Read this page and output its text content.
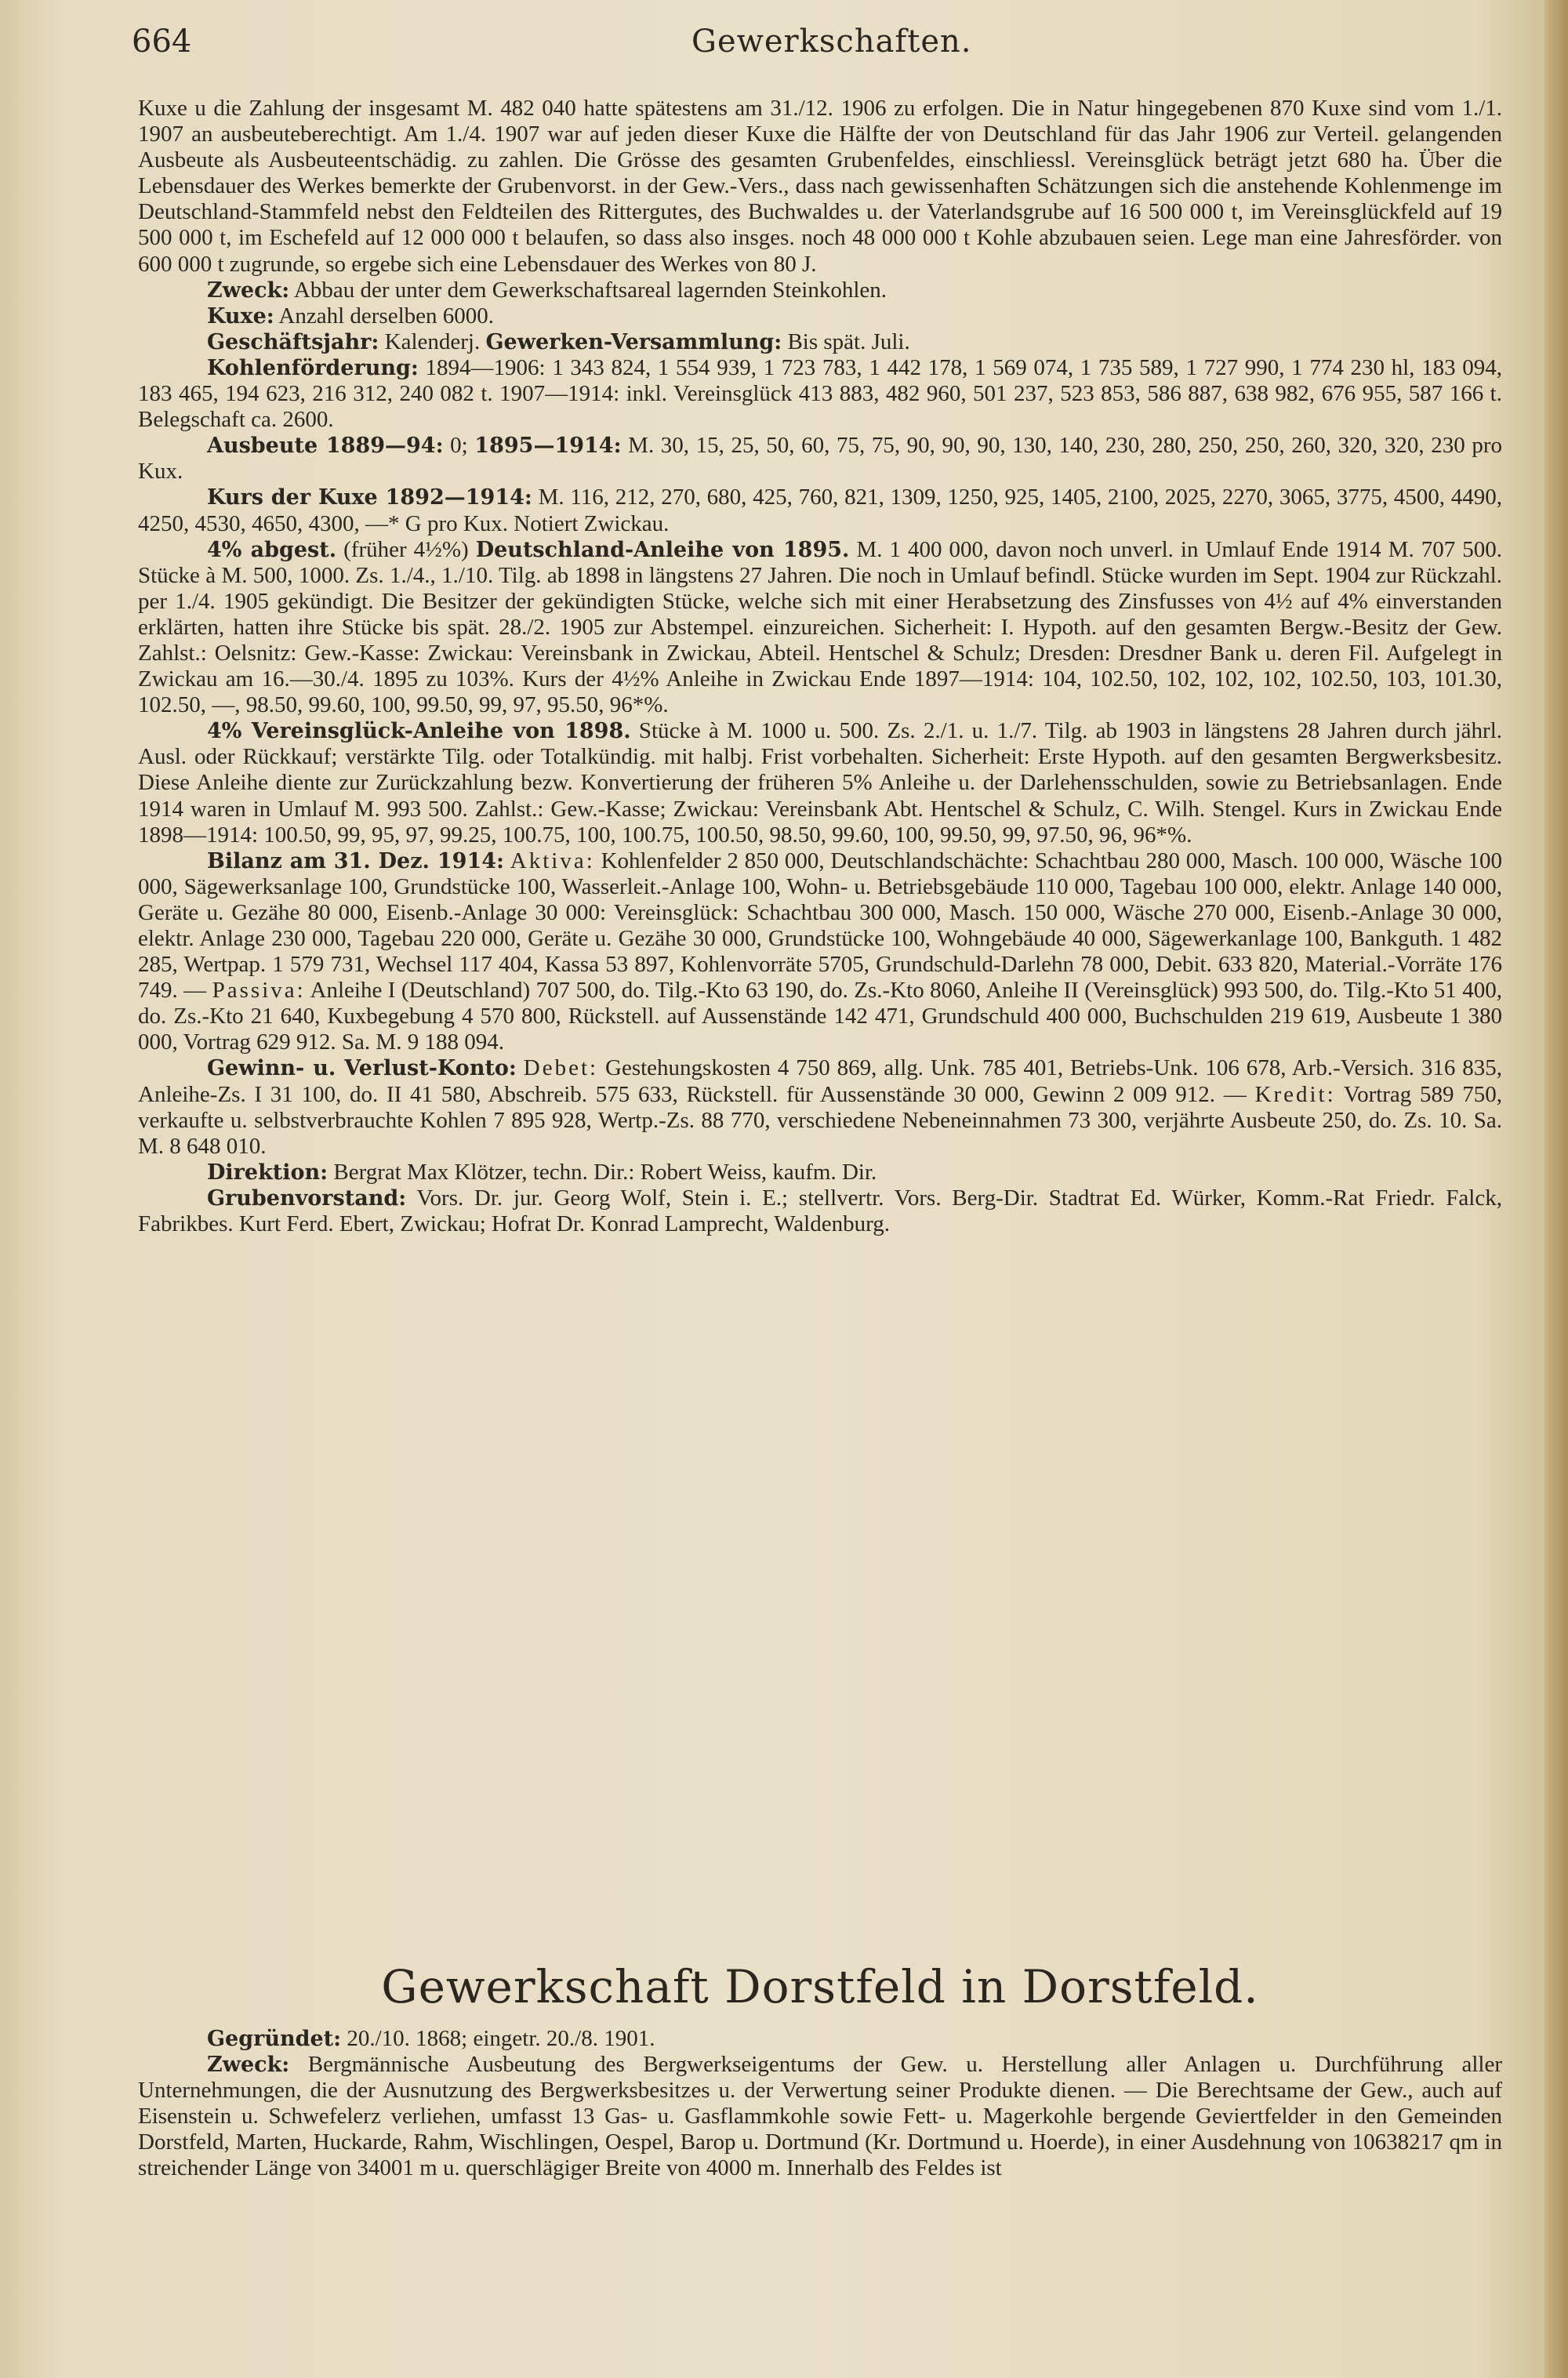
664	Gewerkschaften.

Kuxe u die Zahlung der insgesamt M. 482 040 hatte spätestens am 31./12. 1906 zu erfolgen. Die in Natur hingegebenen 870 Kuxe sind vom 1./1. 1907 an ausbeuteberechtigt. Am 1./4. 1907 war auf jeden dieser Kuxe die Hälfte der von Deutschland für das Jahr 1906 zur Verteil. gelangenden Ausbeute als Ausbeuteentschädig. zu zahlen. Die Grösse des gesamten Grubenfeldes, einschliessl. Vereinsglück beträgt jetzt 680 ha. Über die Lebensdauer des Werkes bemerkte der Grubenvorst. in der Gew.-Vers., dass nach gewissenhaften Schätzungen sich die anstehende Kohlenmenge im Deutschland-Stammfeld nebst den Feldteilen des Rittergutes, des Buchwaldes u. der Vaterlandsgrube auf 16 500 000 t, im Vereinsglückfeld auf 19 500 000 t, im Eschefeld auf 12 000 000 t belaufen, so dass also insges. noch 48 000 000 t Kohle abzubauen seien. Lege man eine Jahresförder. von 600 000 t zugrunde, so ergebe sich eine Lebensdauer des Werkes von 80 J.

Zweck: Abbau der unter dem Gewerkschaftsareal lagernden Steinkohlen.

Kuxe: Anzahl derselben 6000.

Geschäftsjahr: Kalenderj. Gewerken-Versammlung: Bis spät. Juli.

Kohlenförderung: 1894—1906: 1 343 824, 1 554 939, 1 723 783, 1 442 178, 1 569 074, 1 735 589, 1 727 990, 1 774 230 hl, 183 094, 183 465, 194 623, 216 312, 240 082 t. 1907—1914: inkl. Vereinsglück 413 883, 482 960, 501 237, 523 853, 586 887, 638 982, 676 955, 587 166 t. Belegschaft ca. 2600.

Ausbeute 1889—94: 0; 1895—1914: M. 30, 15, 25, 50, 60, 75, 75, 90, 90, 90, 130, 140, 230, 280, 250, 250, 260, 320, 320, 230 pro Kux.

Kurs der Kuxe 1892—1914: M. 116, 212, 270, 680, 425, 760, 821, 1309, 1250, 925, 1405, 2100, 2025, 2270, 3065, 3775, 4500, 4490, 4250, 4530, 4650, 4300, —* G pro Kux. Notiert Zwickau.

4% abgest. (früher 4½%) Deutschland-Anleihe von 1895. M. 1 400 000, davon noch unverl. in Umlauf Ende 1914 M. 707 500. Stücke à M. 500, 1000. Zs. 1./4., 1./10. Tilg. ab 1898 in längstens 27 Jahren. Die noch in Umlauf befindl. Stücke wurden im Sept. 1904 zur Rückzahl. per 1./4. 1905 gekündigt. Die Besitzer der gekündigten Stücke, welche sich mit einer Herabsetzung des Zinsfusses von 4½ auf 4% einverstanden erklärten, hatten ihre Stücke bis spät. 28./2. 1905 zur Abstempel. einzureichen. Sicherheit: I. Hypoth. auf den gesamten Bergw.-Besitz der Gew. Zahlst.: Oelsnitz: Gew.-Kasse: Zwickau: Vereinsbank in Zwickau, Abteil. Hentschel & Schulz; Dresden: Dresdner Bank u. deren Fil. Aufgelegt in Zwickau am 16.—30./4. 1895 zu 103%. Kurs der 4½% Anleihe in Zwickau Ende 1897—1914: 104, 102.50, 102, 102, 102, 102.50, 103, 101.30, 102.50, —, 98.50, 99.60, 100, 99.50, 99, 97, 95.50, 96*%.

4% Vereinsglück-Anleihe von 1898. Stücke à M. 1000 u. 500. Zs. 2./1. u. 1./7. Tilg. ab 1903 in längstens 28 Jahren durch jährl. Ausl. oder Rückkauf; verstärkte Tilg. oder Totalkündig. mit halbj. Frist vorbehalten. Sicherheit: Erste Hypoth. auf den gesamten Bergwerksbesitz. Diese Anleihe diente zur Zurückzahlung bezw. Konvertierung der früheren 5% Anleihe u. der Darlehensschulden, sowie zu Betriebsanlagen. Ende 1914 waren in Umlauf M. 993 500. Zahlst.: Gew.-Kasse; Zwickau: Vereinsbank Abt. Hentschel & Schulz, C. Wilh. Stengel. Kurs in Zwickau Ende 1898—1914: 100.50, 99, 95, 97, 99.25, 100.75, 100, 100.75, 100.50, 98.50, 99.60, 100, 99.50, 99, 97.50, 96, 96*%.

Bilanz am 31. Dez. 1914: Aktiva: Kohlenfelder 2 850 000, Deutschlandschächte: Schachtbau 280 000, Masch. 100 000, Wäsche 100 000, Sägewerksanlage 100, Grundstücke 100, Wasserleit.-Anlage 100, Wohn- u. Betriebsgebäude 110 000, Tagebau 100 000, elektr. Anlage 140 000, Geräte u. Gezähe 80 000, Eisenb.-Anlage 30 000: Vereinsglück: Schachtbau 300 000, Masch. 150 000, Wäsche 270 000, Eisenb.-Anlage 30 000, elektr. Anlage 230 000, Tagebau 220 000, Geräte u. Gezähe 30 000, Grundstücke 100, Wohngebäude 40 000, Sägewerkanlage 100, Bankguth. 1 482 285, Wertpap. 1 579 731, Wechsel 117 404, Kassa 53 897, Kohlenvorräte 5705, Grundschuld-Darlehn 78 000, Debit. 633 820, Material.-Vorräte 176 749. — Passiva: Anleihe I (Deutschland) 707 500, do. Tilg.-Kto 63 190, do. Zs.-Kto 8060, Anleihe II (Vereinsglück) 993 500, do. Tilg.-Kto 51 400, do. Zs.-Kto 21 640, Kuxbegebung 4 570 800, Rückstell. auf Aussenstände 142 471, Grundschuld 400 000, Buchschulden 219 619, Ausbeute 1 380 000, Vortrag 629 912. Sa. M. 9 188 094.

Gewinn- u. Verlust-Konto: Debet: Gestehungskosten 4 750 869, allg. Unk. 785 401, Betriebs-Unk. 106 678, Arb.-Versich. 316 835, Anleihe-Zs. I 31 100, do. II 41 580, Abschreib. 575 633, Rückstell. für Aussenstände 30 000, Gewinn 2 009 912. — Kredit: Vortrag 589 750, verkaufte u. selbstverbrauchte Kohlen 7 895 928, Wertp.-Zs. 88 770, verschiedene Nebeneinnahmen 73 300, verjährte Ausbeute 250, do. Zs. 10. Sa. M. 8 648 010.

Direktion: Bergrat Max Klötzer, techn. Dir.: Robert Weiss, kaufm. Dir.

Grubenvorstand: Vors. Dr. jur. Georg Wolf, Stein i. E.; stellvertr. Vors. Berg-Dir. Stadtrat Ed. Würker, Komm.-Rat Friedr. Falck, Fabrikbes. Kurt Ferd. Ebert, Zwickau; Hofrat Dr. Konrad Lamprecht, Waldenburg.

Gewerkschaft Dorstfeld in Dorstfeld.

Gegründet: 20./10. 1868; eingetr. 20./8. 1901.

Zweck: Bergmännische Ausbeutung des Bergwerkseigentums der Gew. u. Herstellung aller Anlagen u. Durchführung aller Unternehmungen, die der Ausnutzung des Bergwerksbesitzes u. der Verwertung seiner Produkte dienen. — Die Berechtsame der Gew., auch auf Eisenstein u. Schwefelerz verliehen, umfasst 13 Gas- u. Gasflammkohle sowie Fett- u. Magerkohle bergende Geviertfelder in den Gemeinden Dorstfeld, Marten, Huckarde, Rahm, Wischlingen, Oespel, Barop u. Dortmund (Kr. Dortmund u. Hoerde), in einer Ausdehnung von 10638217 qm in streichender Länge von 34001 m u. querschlägiger Breite von 4000 m. Innerhalb des Feldes ist
